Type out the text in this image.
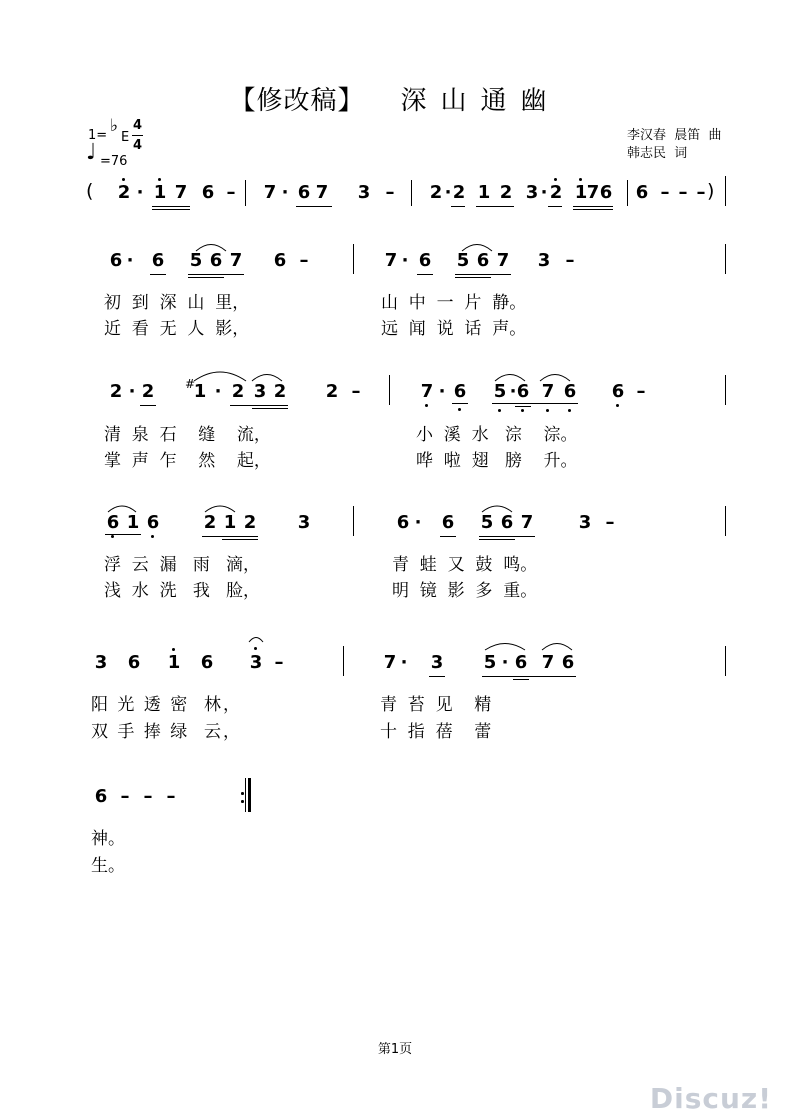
【修改稿】 深山通幽
1= ♭
E
4
4
♩ =76
李汉春  晨笛  曲
韩志民  词
( 2 · 1 7 6 – 7 · 6 7 3 – 2 · 2 1 2 3 · 2 1 7 6 6 – – – )
6 · 6 5 6 7 6 –	7 · 6 5 6 7 3 –
初  到  深  山  里，	山  中  一  片  静。
近  看  无  人  影，	远  闻  说  话  声。
2 · 2	#
1 · 2 3 2 2 –	7 · 6 5 · 6 7 6 6 –
清  泉  石    缝    流，	小  溪  水   淙    淙。
掌  声  乍    然    起，	哗  啦  翅   膀    升。
6 1 6 2 1 2 3	6 · 6 5 6 7	3 –
浮  云  漏   雨   滴，	青  蛙  又  鼓  鸣。
浅  水  洗   我   脸，	明  镜  影  多  重。
3 6 1 6 3 –	7 · 3 5 · 6 7 6
阳 光 透 密  林，	青  苔  见    精
双 手 捧 绿  云，	十  指  蓓    蕾
6 – – –
神。
生。
第1页
Discuz!
